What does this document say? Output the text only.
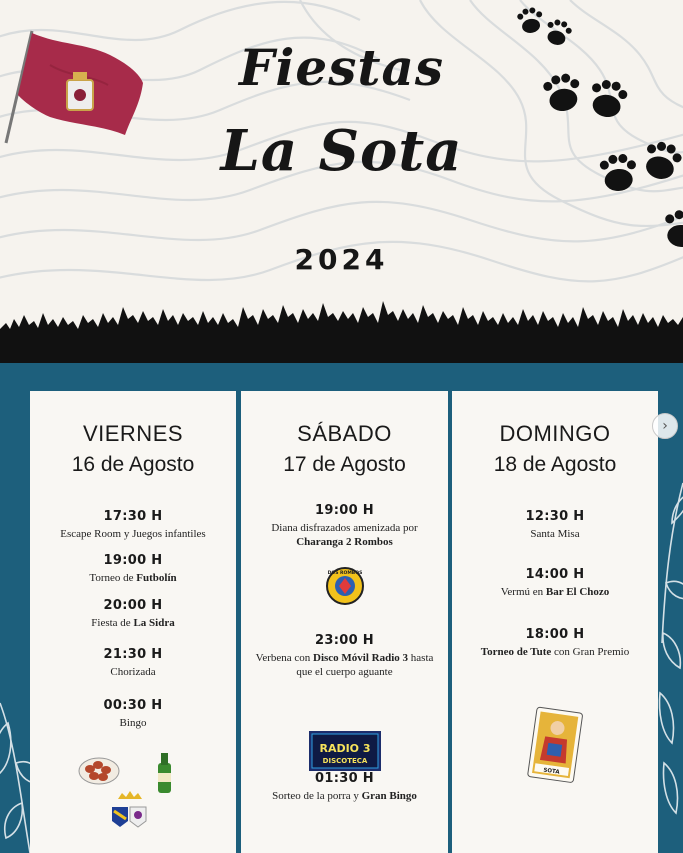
Fiestas
La Sota
2024
VIERNES
16 de Agosto
17:30 H
Escape Room y Juegos infantiles
19:00 H
Torneo de Futbolín
20:00 H
Fiesta de La Sidra
21:30 H
Chorizada
00:30 H
Bingo
SÁBADO
17 de Agosto
19:00 H
Diana disfrazados amenizada por
Charanga 2 Rombos
DOS ROMBOS
23:00 H
Verbena con Disco Móvil Radio 3 hasta que el cuerpo aguante
RADIO 3
DISCOTECA
01:30 H
Sorteo de la porra y Gran Bingo
DOMINGO
18 de Agosto
12:30 H
Santa Misa
14:00 H
Vermú en Bar El Chozo
18:00 H
Torneo de Tute con Gran Premio
SOTA
›
